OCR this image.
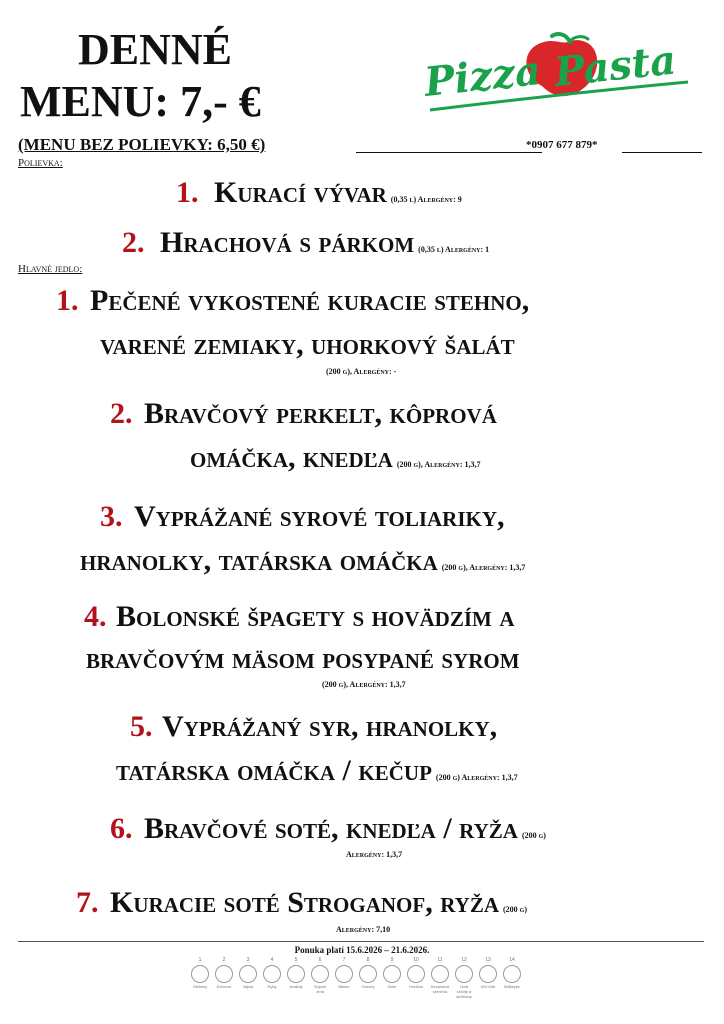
DENNÉ
MENU: 7,- €	Pizza Pasta
(MENU BEZ POLIEVKY: 6,50 €)	*0907 677 879*
Polievka:
1. Kurací vývar (0,35 l) Alergény: 9
2. Hrachová s párkom (0,35 l) Alergény: 1
Hlavné jedlo:
1. Pečené vykostené kuracie stehno,
varené zemiaky, uhorkový šalát
(200 g), Alergény: -
2. Bravčový perkelt, kôprová
omáčka, knedľa (200 g), Alergény: 1,3,7
3. Vyprážané syrové toliariky,
hranolky, tatárska omáčka (200 g), Alergény: 1,3,7
4. Bolonské špagety s hovädzím a
bravčovým mäsom posypané syrom
(200 g), Alergény: 1,3,7
5. Vyprážaný syr, hranolky,
tatárska omáčka / kečup (200 g) Alergény: 1,3,7
6. Bravčové soté, knedľa / ryža (200 g)
Alergény: 1,3,7
7. Kuracie soté Stroganof, ryža (200 g)
Alergény: 7,10
Ponuka platí 15.6.2026 – 21.6.2026.
1
Obilniny
2
Kôrovce
3
Vajcia
4
Ryby
5
Arašidy
6
Sójové zrná
7
Mlieko
8
Orechy
9
Zeler
10
Horčica
11
Sezamové semená
12
Oxid siričitý a siričitany
13
Vlčí bôb
14
Mäkkýše
